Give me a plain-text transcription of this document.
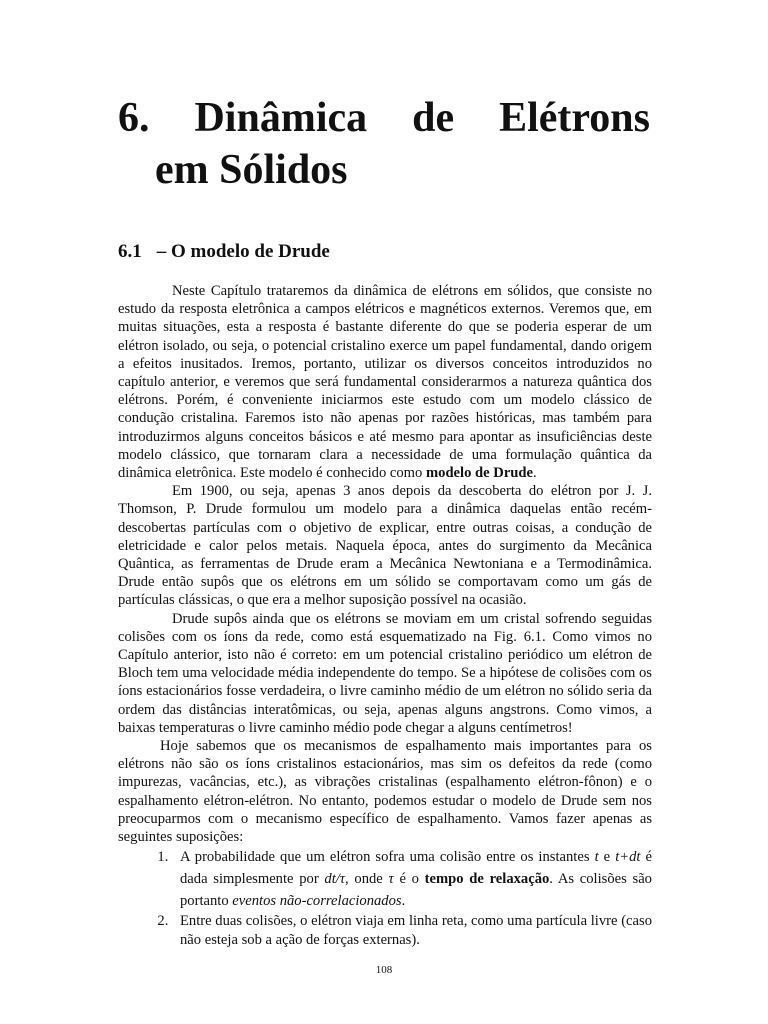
6. Dinâmica de Elétrons
em Sólidos
6.1 – O modelo de Drude

Neste Capítulo trataremos da dinâmica de elétrons em sólidos, que consiste no estudo da resposta eletrônica a campos elétricos e magnéticos externos. Veremos que, em muitas situações, esta a resposta é bastante diferente do que se poderia esperar de um elétron isolado, ou seja, o potencial cristalino exerce um papel fundamental, dando origem a efeitos inusitados. Iremos, portanto, utilizar os diversos conceitos introduzidos no capítulo anterior, e veremos que será fundamental considerarmos a natureza quântica dos elétrons. Porém, é conveniente iniciarmos este estudo com um modelo clássico de condução cristalina. Faremos isto não apenas por razões históricas, mas também para introduzirmos alguns conceitos básicos e até mesmo para apontar as insuficiências deste modelo clássico, que tornaram clara a necessidade de uma formulação quântica da dinâmica eletrônica. Este modelo é conhecido como modelo de Drude.

Em 1900, ou seja, apenas 3 anos depois da descoberta do elétron por J. J. Thomson, P. Drude formulou um modelo para a dinâmica daquelas então recém-descobertas partículas com o objetivo de explicar, entre outras coisas, a condução de eletricidade e calor pelos metais. Naquela época, antes do surgimento da Mecânica Quântica, as ferramentas de Drude eram a Mecânica Newtoniana e a Termodinâmica. Drude então supôs que os elétrons em um sólido se comportavam como um gás de partículas clássicas, o que era a melhor suposição possível na ocasião.

Drude supôs ainda que os elétrons se moviam em um cristal sofrendo seguidas colisões com os íons da rede, como está esquematizado na Fig. 6.1. Como vimos no Capítulo anterior, isto não é correto: em um potencial cristalino periódico um elétron de Bloch tem uma velocidade média independente do tempo. Se a hipótese de colisões com os íons estacionários fosse verdadeira, o livre caminho médio de um elétron no sólido seria da ordem das distâncias interatômicas, ou seja, apenas alguns angstrons. Como vimos, a baixas temperaturas o livre caminho médio pode chegar a alguns centímetros!

Hoje sabemos que os mecanismos de espalhamento mais importantes para os elétrons não são os íons cristalinos estacionários, mas sim os defeitos da rede (como impurezas, vacâncias, etc.), as vibrações cristalinas (espalhamento elétron-fônon) e o espalhamento elétron-elétron. No entanto, podemos estudar o modelo de Drude sem nos preocuparmos com o mecanismo específico de espalhamento. Vamos fazer apenas as seguintes suposições:

1. A probabilidade que um elétron sofra uma colisão entre os instantes t e t+dt é dada simplesmente por dt/τ, onde τ é o tempo de relaxação. As colisões são portanto eventos não-correlacionados.
2. Entre duas colisões, o elétron viaja em linha reta, como uma partícula livre (caso não esteja sob a ação de forças externas).
108
